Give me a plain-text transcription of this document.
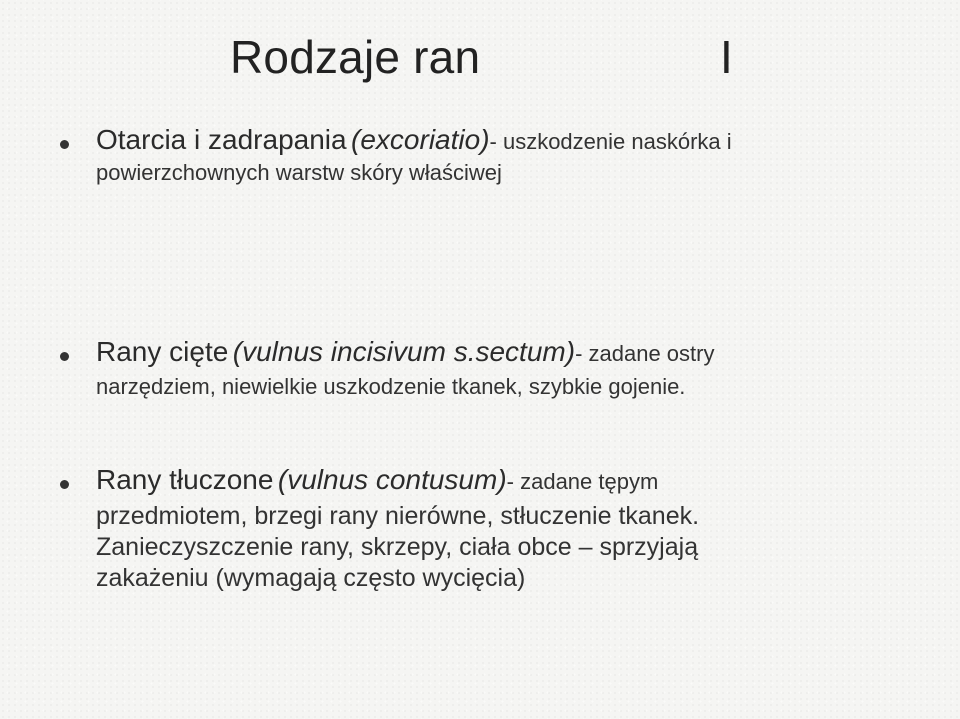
Rodzaje ran	I
Otarcia i zadrapania (excoriatio)- uszkodzenie naskórka i
powierzchownych warstw skóry właściwej
Rany cięte (vulnus incisivum s.sectum)- zadane ostry
narzędziem, niewielkie uszkodzenie tkanek, szybkie gojenie.
Rany tłuczone (vulnus contusum)- zadane tępym
przedmiotem, brzegi rany nierówne, stłuczenie tkanek.
Zanieczyszczenie rany, skrzepy, ciała obce – sprzyjają
zakażeniu (wymagają często wycięcia)
